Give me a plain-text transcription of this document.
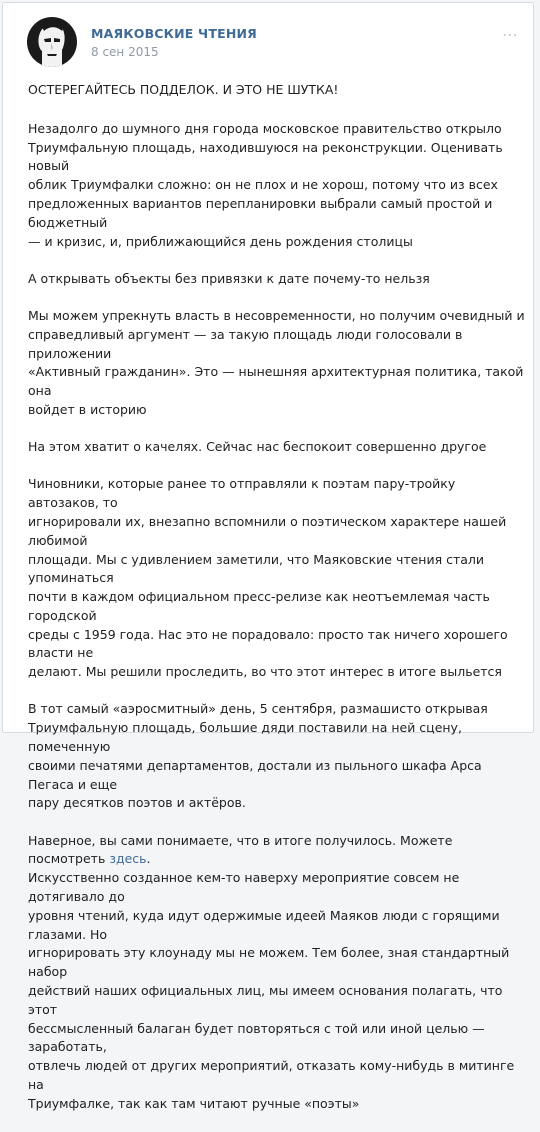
МАЯКОВСКИЕ ЧТЕНИЯ
8 сен 2015
⋯

ОСТЕРЕГАЙТЕСЬ ПОДДЕЛОК. И ЭТО НЕ ШУТКА!

Незадолго до шумного дня города московское правительство открыло
Триумфальную площадь, находившуюся на реконструкции. Оценивать новый
облик Триумфалки сложно: он не плох и не хорош, потому что из всех
предложенных вариантов перепланировки выбрали самый простой и бюджетный
— и кризис, и, приближающийся день рождения столицы

А открывать объекты без привязки к дате почему-то нельзя

Мы можем упрекнуть власть в несовременности, но получим очевидный и
справедливый аргумент — за такую площадь люди голосовали в приложении
«Активный гражданин». Это — нынешняя архитектурная политика, такой она
войдет в историю

На этом хватит о качелях. Сейчас нас беспокоит совершенно другое

Чиновники, которые ранее то отправляли к поэтам пару-тройку автозаков, то
игнорировали их, внезапно вспомнили о поэтическом характере нашей любимой
площади. Мы с удивлением заметили, что Маяковские чтения стали упоминаться
почти в каждом официальном пресс-релизе как неотъемлемая часть городской
среды с 1959 года. Нас это не порадовало: просто так ничего хорошего власти не
делают. Мы решили проследить, во что этот интерес в итоге выльется

В тот самый «аэросмитный» день, 5 сентября, размашисто открывая
Триумфальную площадь, большие дяди поставили на ней сцену, помеченную
своими печатями департаментов, достали из пыльного шкафа Арса Пегаса и еще
пару десятков поэтов и актёров.

Наверное, вы сами понимаете, что в итоге получилось. Можете посмотреть здесь.
Искусственно созданное кем-то наверху мероприятие совсем не дотягивало до
уровня чтений, куда идут одержимые идеей Маяков люди с горящими глазами. Но
игнорировать эту клоунаду мы не можем. Тем более, зная стандартный набор
действий наших официальных лиц, мы имеем основания полагать, что этот
бессмысленный балаган будет повторяться с той или иной целью — заработать,
отвлечь людей от других мероприятий, отказать кому-нибудь в митинге на
Триумфалке, так как там читают ручные «поэты»
